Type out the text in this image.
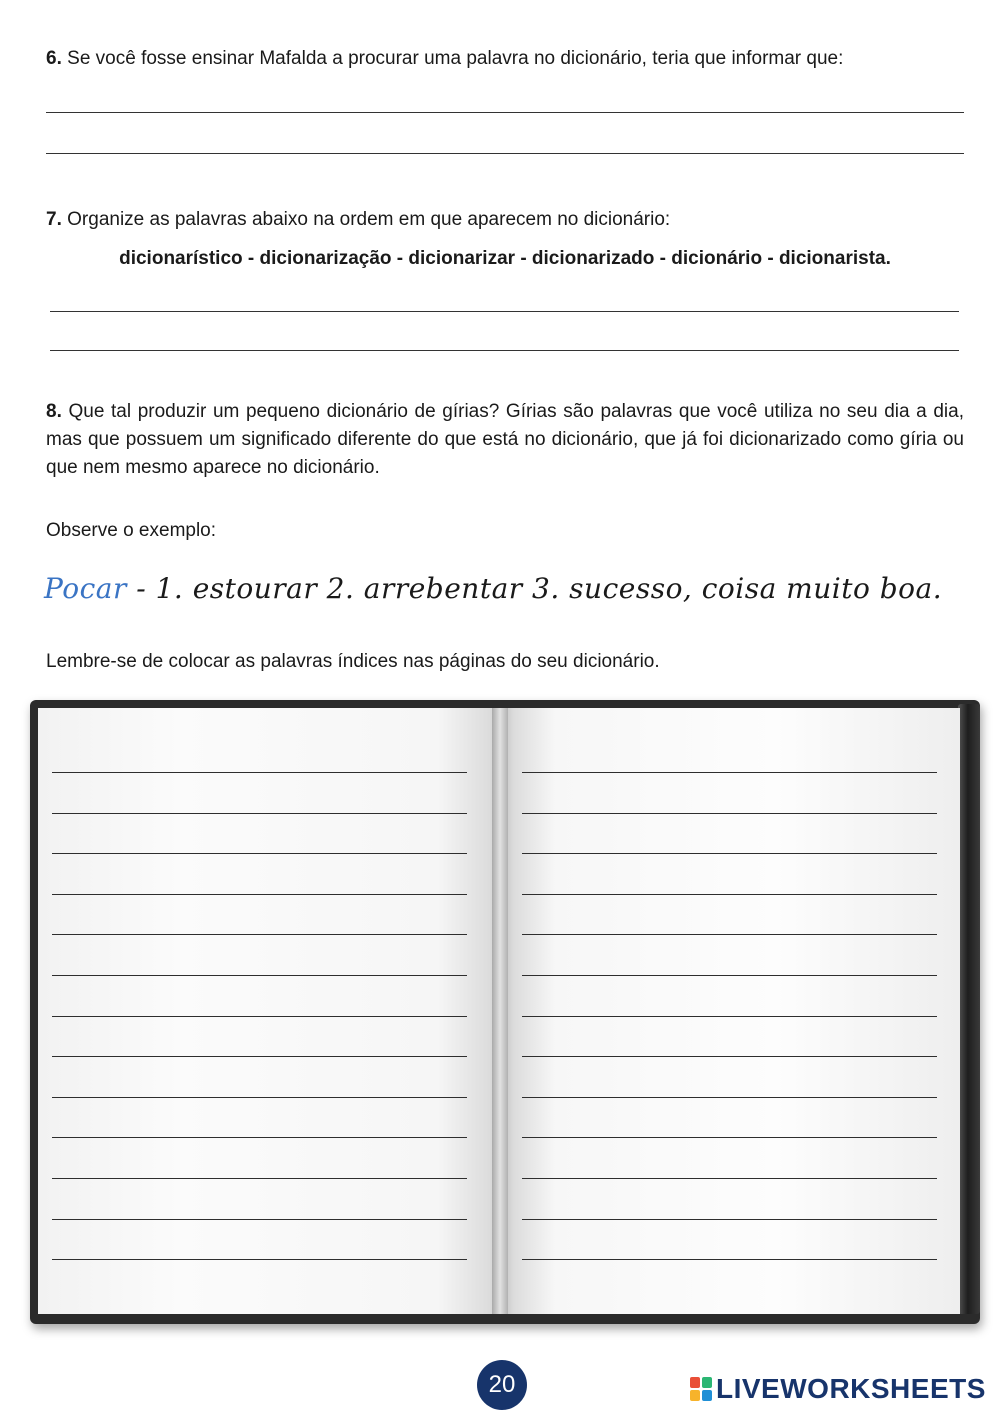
6. Se você fosse ensinar Mafalda a procurar uma palavra no dicionário, teria que informar que:
7. Organize as palavras abaixo na ordem em que aparecem no dicionário:
dicionarístico - dicionarização - dicionarizar - dicionarizado - dicionário - dicionarista.
8. Que tal produzir um pequeno dicionário de gírias? Gírias são palavras que você utiliza no seu dia a dia, mas que possuem um significado diferente do que está no dicionário, que já foi dicionarizado como gíria ou que nem mesmo aparece no dicionário.
Observe o exemplo:
Pocar - 1. estourar 2. arrebentar 3. sucesso, coisa muito boa.
Lembre-se de colocar as palavras índices nas páginas do seu dicionário.
20	LIVEWORKSHEETS
